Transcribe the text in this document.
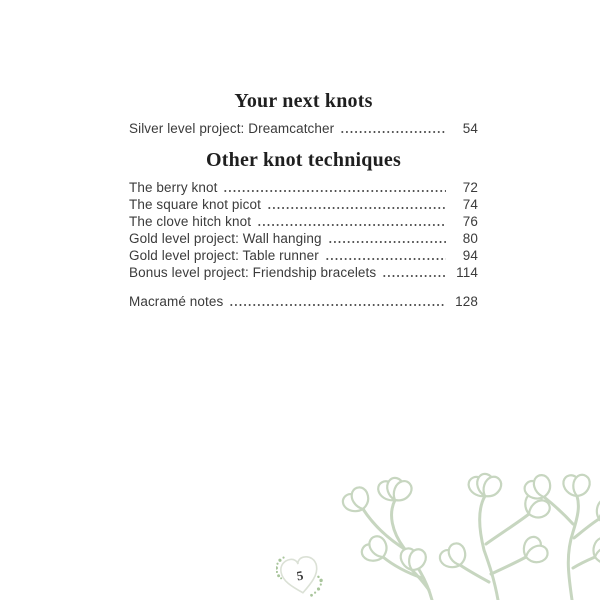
Your next knots
Silver level project: Dreamcatcher	54
Other knot techniques
The berry knot	72
The square knot picot	74
The clove hitch knot	76
Gold level project: Wall hanging	80
Gold level project: Table runner	94
Bonus level project: Friendship bracelets	114
Macramé notes	128
5
